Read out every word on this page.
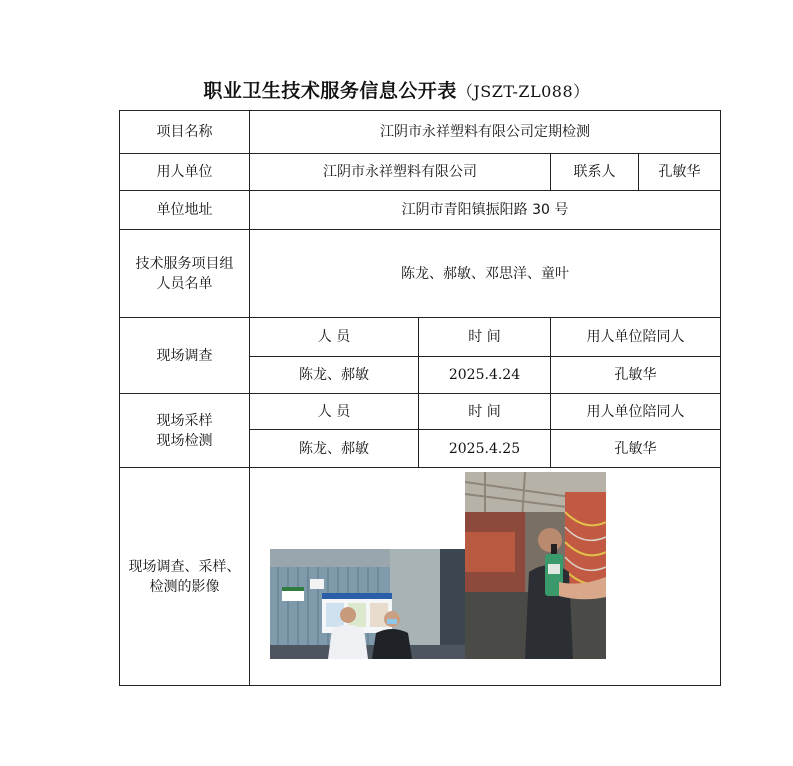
职业卫生技术服务信息公开表（JSZT-ZL088）
项目名称	江阴市永祥塑料有限公司定期检测			
用人单位	江阴市永祥塑料有限公司		联系人	孔敏华
单位地址	江阴市青阳镇振阳路 30 号			

技术服务项目组
人员名单	陈龙、郝敏、邓思洋、童叶			
现场调查	人 员	时 间	用人单位陪同人	
	陈龙、郝敏	2025.4.24	孔敏华	

现场采样
现场检测	人 员	时 间	用人单位陪同人	
	陈龙、郝敏	2025.4.25	孔敏华	

现场调查、采样、
检测的影像
